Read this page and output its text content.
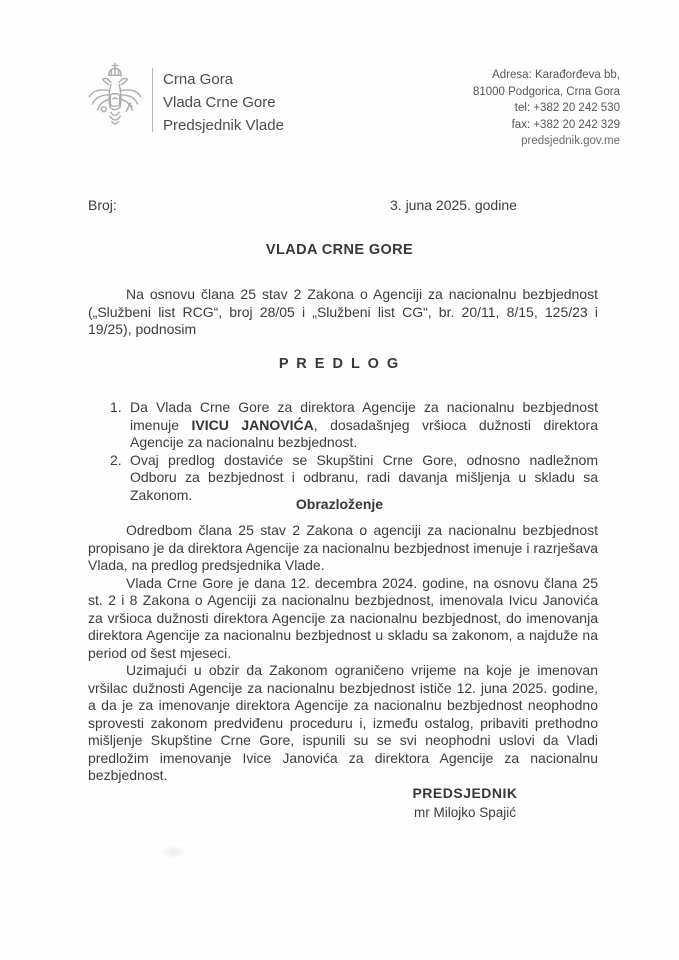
Crna Gora
Vlada Crne Gore
Predsjednik Vlade
Adresa: Karađorđeva bb,
81000 Podgorica, Crna Gora
tel: +382 20 242 530
fax: +382 20 242 329
predsjednik.gov.me
Broj:	3. juna 2025. godine
VLADA CRNE GORE

Na osnovu člana 25 stav 2 Zakona o Agenciji za nacionalnu bezbjednost („Službeni list RCG“, broj 28/05 i „Službeni list CG“, br. 20/11, 8/15, 125/23 i 19/25), podnosim

P R E D L O G
1. Da Vlada Crne Gore za direktora Agencije za nacionalnu bezbjednost imenuje IVICU JANOVIĆA, dosadašnjeg vršioca dužnosti direktora Agencije za nacionalnu bezbjednost.
2. Ovaj predlog dostaviće se Skupštini Crne Gore, odnosno nadležnom Odboru za bezbjednost i odbranu, radi davanja mišljenja u skladu sa Zakonom.
Obrazloženje

Odredbom člana 25 stav 2 Zakona o agenciji za nacionalnu bezbjednost propisano je da direktora Agencije za nacionalnu bezbjednost imenuje i razrješava Vlada, na predlog predsjednika Vlade.

Vlada Crne Gore je dana 12. decembra 2024. godine, na osnovu člana 25 st. 2 i 8 Zakona o Agenciji za nacionalnu bezbjednost, imenovala Ivicu Janovića za vršioca dužnosti direktora Agencije za nacionalnu bezbjednost, do imenovanja direktora Agencije za nacionalnu bezbjednost u skladu sa zakonom, a najduže na period od šest mjeseci.

Uzimajući u obzir da Zakonom ograničeno vrijeme na koje je imenovan vršilac dužnosti Agencije za nacionalnu bezbjednost ističe 12. juna 2025. godine, a da je za imenovanje direktora Agencije za nacionalnu bezbjednost neophodno sprovesti zakonom predviđenu proceduru i, između ostalog, pribaviti prethodno mišljenje Skupštine Crne Gore, ispunili su se svi neophodni uslovi da Vladi predložim imenovanje Ivice Janovića za direktora Agencije za nacionalnu bezbjednost.

PREDSJEDNIK
mr Milojko Spajić
